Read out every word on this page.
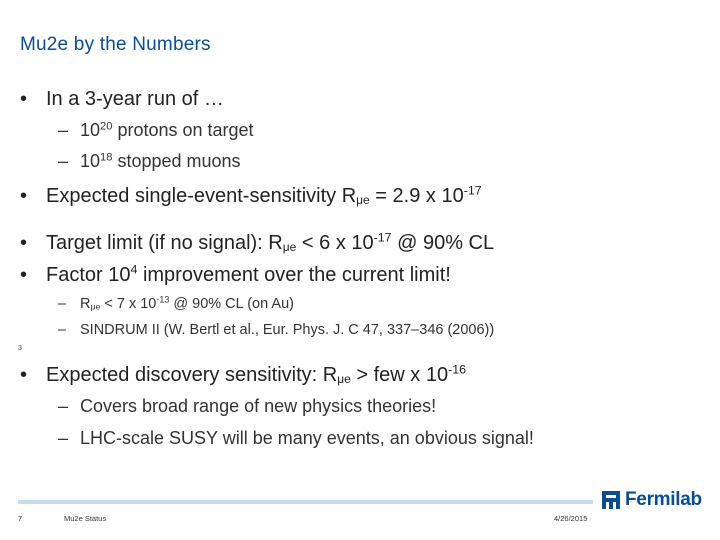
Mu2e by the Numbers
• In a 3-year run of …
– $10^{20}$ protons on target
– $10^{18}$ stopped muons
• Expected single-event-sensitivity $R_{\mu e} = 2.9$ x $10^{-17}$
• Target limit (if no signal): $R_{\mu e} < 6$ x $10^{-17}$ @ 90% CL
• Factor $10^4$ improvement over the current limit!
– $R_{\mu e} < 7$ x $10^{-13}$ @ 90% CL (on Au)
– SINDRUM II (W. Bertl et al., Eur. Phys. J. C 47, 337–346 (2006))
3
• Expected discovery sensitivity: $R_{\mu e}$ > few x $10^{-16}$
– Covers broad range of new physics theories!
– LHC-scale SUSY will be many events, an obvious signal!
7	Mu2e Status	4/26/2015
Fermilab
